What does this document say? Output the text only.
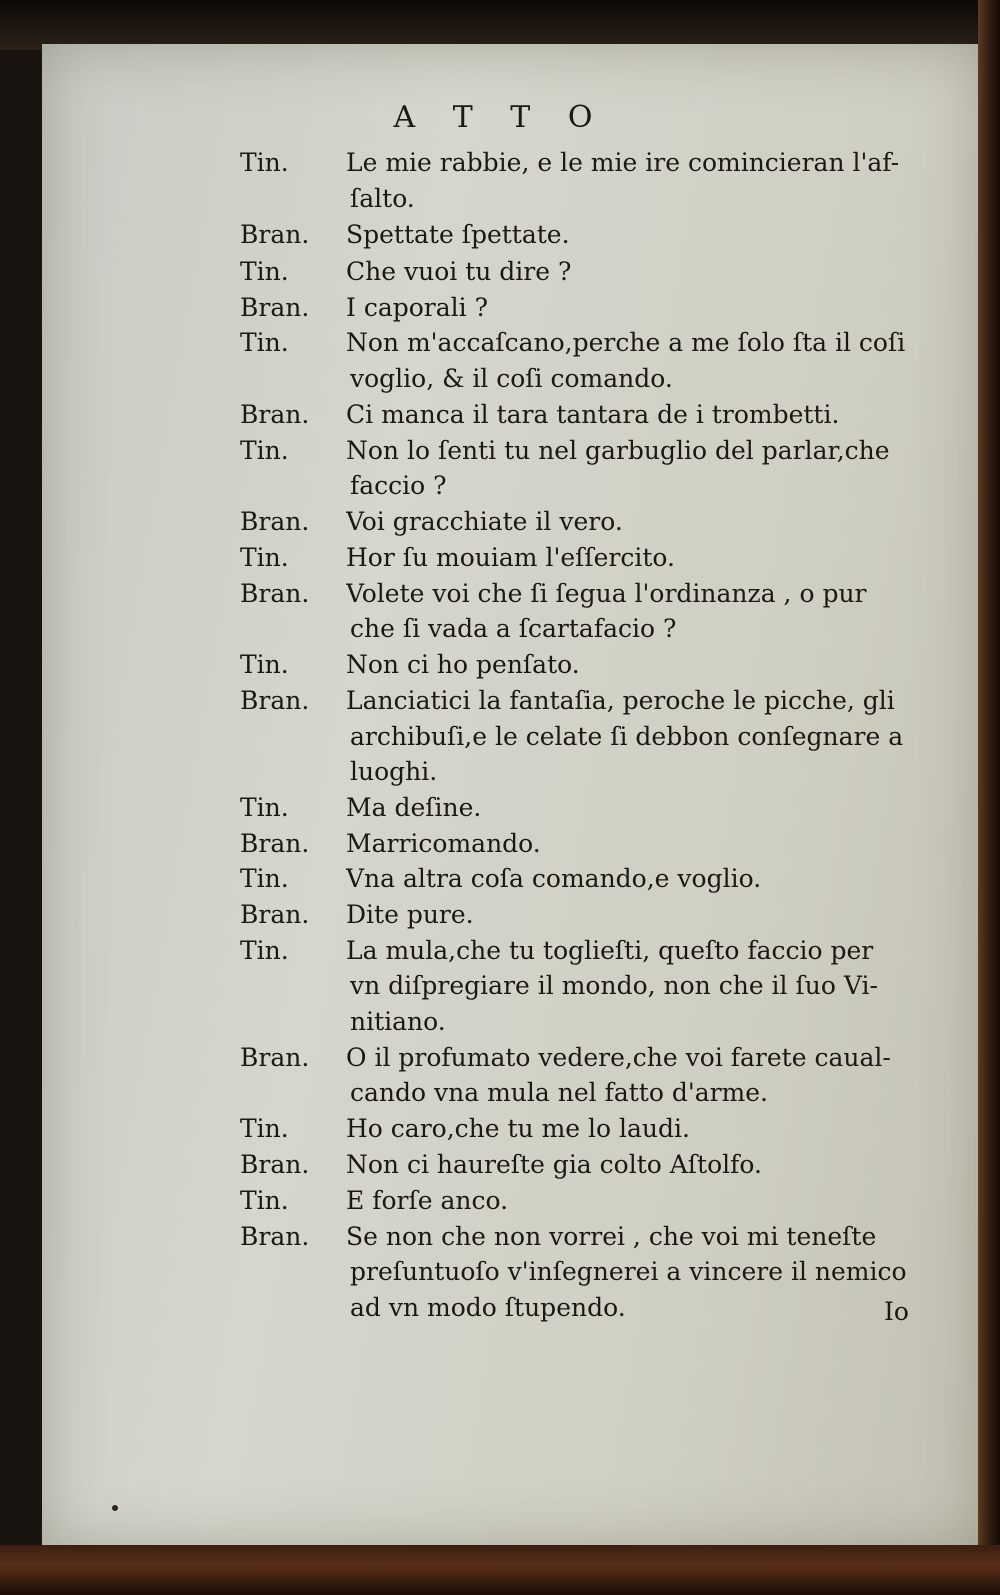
A T T O
Tin. Le mie rabbie, e le mie ire comincieran l'af-
ſalto.
Bran. Spettate ſpettate.
Tin. Che vuoi tu dire ?
Bran. I caporali ?
Tin. Non m'accaſcano,perche a me ſolo ſta il coſi
voglio, & il coſi comando.
Bran. Ci manca il tara tantara de i trombetti.
Tin. Non lo ſenti tu nel garbuglio del parlar,che
faccio ?
Bran. Voi gracchiate il vero.
Tin. Hor ſu mouiam l'eſſercito.
Bran. Volete voi che ſi ſegua l'ordinanza , o pur
che ſi vada a ſcartafacio ?
Tin. Non ci ho penſato.
Bran. Lanciatici la fantaſia, peroche le picche, gli
archibuſi,e le celate ſi debbon conſegnare a
luoghi.
Tin. Ma deſine.
Bran. Marricomando.
Tin. Vna altra coſa comando,e voglio.
Bran. Dite pure.
Tin. La mula,che tu toglieſti, queſto faccio per
vn diſpregiare il mondo, non che il ſuo Vi-
nitiano.
Bran. O il profumato vedere,che voi farete caual-
cando vna mula nel fatto d'arme.
Tin. Ho caro,che tu me lo laudi.
Bran. Non ci haureſte gia colto Aſtolfo.
Tin. E forſe anco.
Bran. Se non che non vorrei , che voi mi teneſte
preſuntuoſo v'inſegnerei a vincere il nemico
ad vn modo ſtupendo.	Io
